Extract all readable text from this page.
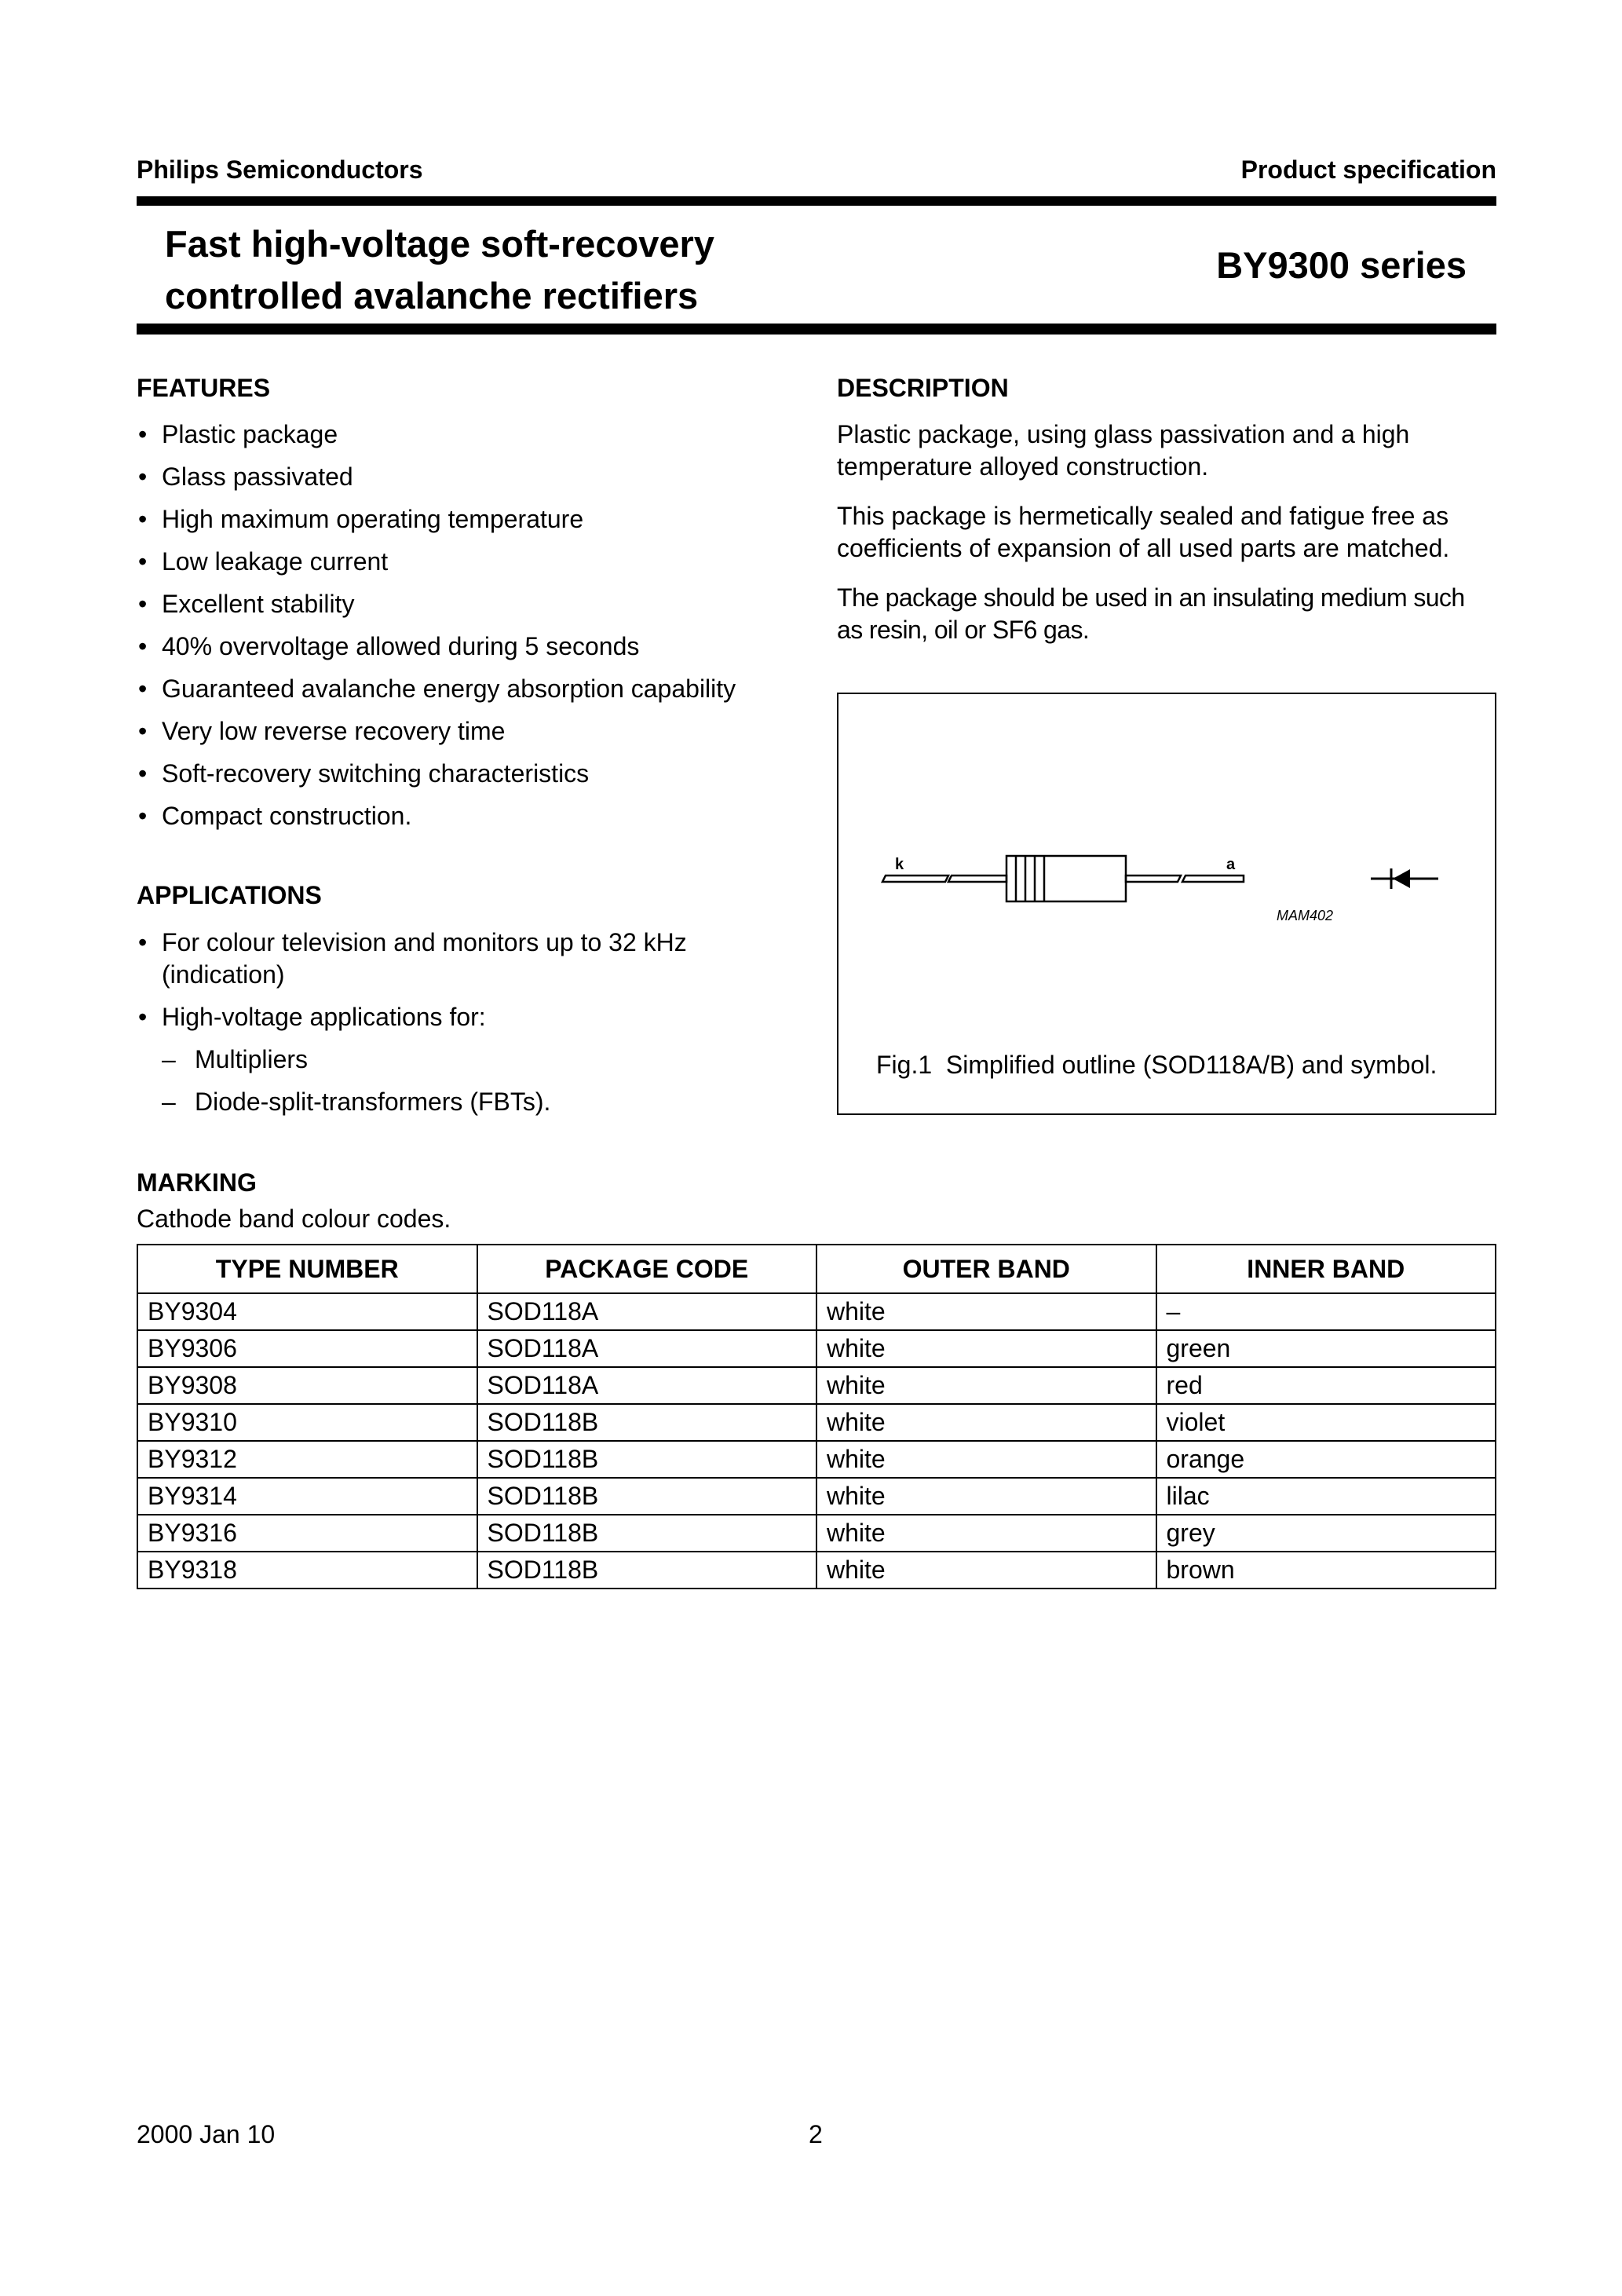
Philips Semiconductors	Product specification
Fast high-voltage soft-recovery
controlled avalanche rectifiers
BY9300 series
FEATURES
• Plastic package
• Glass passivated
• High maximum operating temperature
• Low leakage current
• Excellent stability
• 40% overvoltage allowed during 5 seconds
• Guaranteed avalanche energy absorption capability
• Very low reverse recovery time
• Soft-recovery switching characteristics
• Compact construction.
APPLICATIONS
• For colour television and monitors up to 32 kHz
(indication)
• High-voltage applications for:
– Multipliers
– Diode-split-transformers (FBTs).
DESCRIPTION
Plastic package, using glass passivation and a high
temperature alloyed construction.
This package is hermetically sealed and fatigue free as
coefficients of expansion of all used parts are matched.
The package should be used in an insulating medium such
as resin, oil or SF6 gas.
k	a
MAM402
Fig.1 Simplified outline (SOD118A/B) and symbol.
MARKING
Cathode band colour codes.
TYPE NUMBER	PACKAGE CODE	OUTER BAND	INNER BAND
BY9304	SOD118A	white	–
BY9306	SOD118A	white	green
BY9308	SOD118A	white	red
BY9310	SOD118B	white	violet
BY9312	SOD118B	white	orange
BY9314	SOD118B	white	lilac
BY9316	SOD118B	white	grey
BY9318	SOD118B	white	brown
2000 Jan 10	2
